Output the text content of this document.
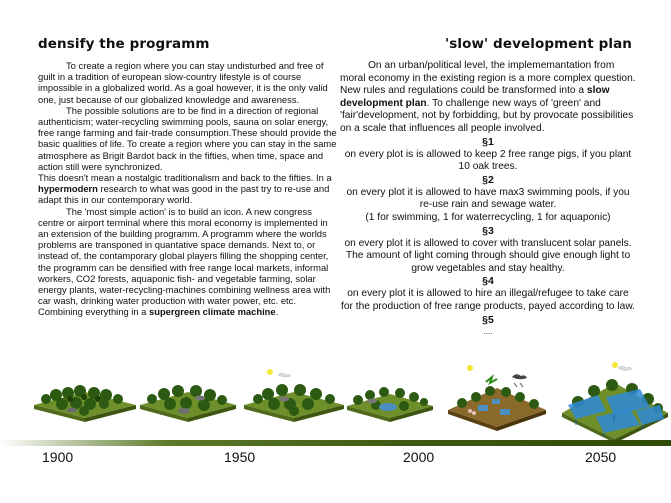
densify the programm

To create a region where you can stay undisturbed and free of guilt in a tradition of european slow-country lifestyle is of course impossible in a globalized world. As a goal however, it is the only valid one, just because of our globalized knowledge and awareness.

The possible solutions are to be find in a direction of regional authenticism; water-recycling swimming pools, sauna on solar energy, free range farming and fair-trade consumption.These should provide the basic qualities of life. To create a region where you can stay in the same atmosphere as Brigit Bardot back in the fifties, when time, space and action still were synchronized.

This doesn't mean a nostalgic traditionalism and back to the fifties. In a hypermodern research to what was good in the past try to re-use and adapt this in our contemporary world.

The 'most simple action' is to build an icon. A new congress centre or airport terminal where this moral economy is implemented in an extension of the building programm. A programm where the worlds problems are transponed in quantative space demands. Next to, or instead of, the contamporary global players filling the shopping center, the programm can be densified with free range local markets, informal workers, CO2 forests, aquaponic fish- and vegetable farming, solar energy plants, water-recycling-machines combining wellness area with car wash, drinking water production with water power, etc. etc.

Combining everything in a supergreen climate machine.

'slow' development plan

On an urban/political level, the implememantation from moral economy in the existing region is a more complex question. New rules and regulations could be transformed into a slow development plan. To challenge new ways of 'green' and 'fair'development, not by forbidding, but by provocate possibilities on a scale that influences all people involved.

§1

on every plot is is allowed to keep 2 free range pigs, if you plant 10 oak trees.

§2

on every plot it is allowed to have max3 swimming pools, if you re-use rain and sewage water.

(1 for swimming, 1 for waterrecycling, 1 for aquaponic)

§3

on every plot it is allowed to cover with translucent solar panels. The amount of light coming through should give enough light to grow vegetables and stay healthy.

§4

on every plot it is allowed to hire an illegal/refugee to take care for the production of free range products, payed according to law.

§5

....

1900	1950	2000	2050
